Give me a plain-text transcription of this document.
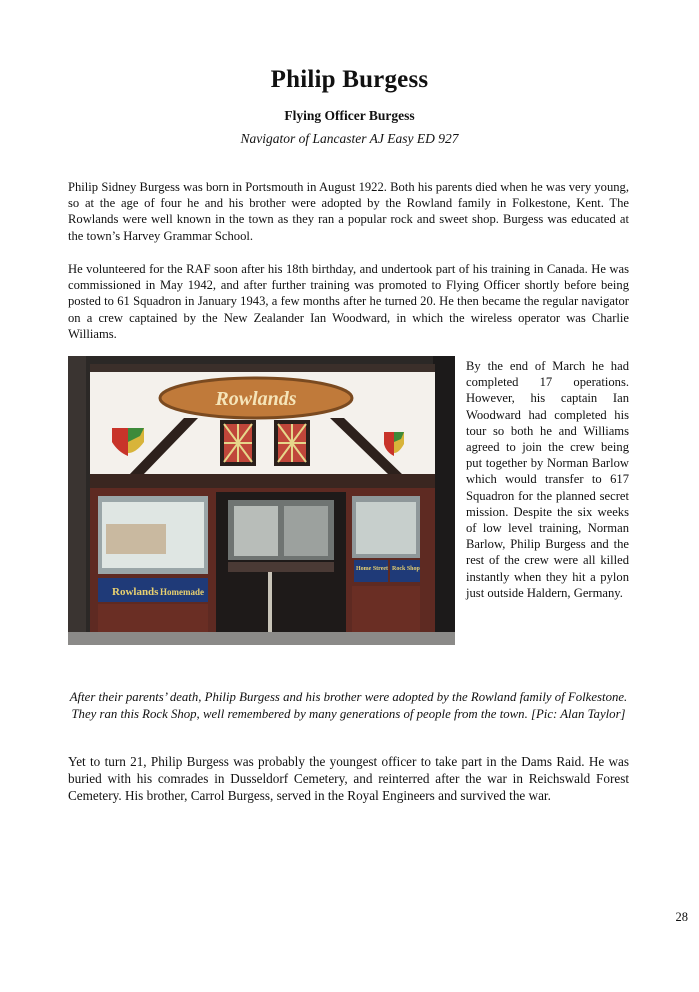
Philip Burgess
Flying Officer Burgess
Navigator of Lancaster AJ Easy ED 927

Philip Sidney Burgess was born in Portsmouth in August 1922. Both his parents died when he was very young, so at the age of four he and his brother were adopted by the Rowland family in Folkestone, Kent. The Rowlands were well known in the town as they ran a popular rock and sweet shop. Burgess was educated at the town’s Harvey Grammar School.

He volunteered for the RAF soon after his 18th birthday, and undertook part of his training in Canada. He was commissioned in May 1942, and after further training was promoted to Flying Officer shortly before being posted to 61 Squadron in January 1943, a few months after he turned 20. He then became the regular navigator on a crew captained by the New Zealander Ian Woodward, in which the wireless operator was Charlie Williams.

Rowlands
Rowlands Homemade
Home Street Rock Shop

By the end of March he had completed 17 operations. However, his captain Ian Woodward had completed his tour so both he and Williams agreed to join the crew being put together by Norman Barlow which would transfer to 617 Squadron for the planned secret mission. Despite the six weeks of low level training, Norman Barlow, Philip Burgess and the rest of the crew were all killed instantly when they hit a pylon just outside Haldern, Germany.

After their parents’ death, Philip Burgess and his brother were adopted by the Rowland family of Folkestone. They ran this Rock Shop, well remembered by many generations of people from the town. [Pic: Alan Taylor]

Yet to turn 21, Philip Burgess was probably the youngest officer to take part in the Dams Raid. He was buried with his comrades in Dusseldorf Cemetery, and reinterred after the war in Reichswald Forest Cemetery. His brother, Carrol Burgess, served in the Royal Engineers and survived the war.

28
